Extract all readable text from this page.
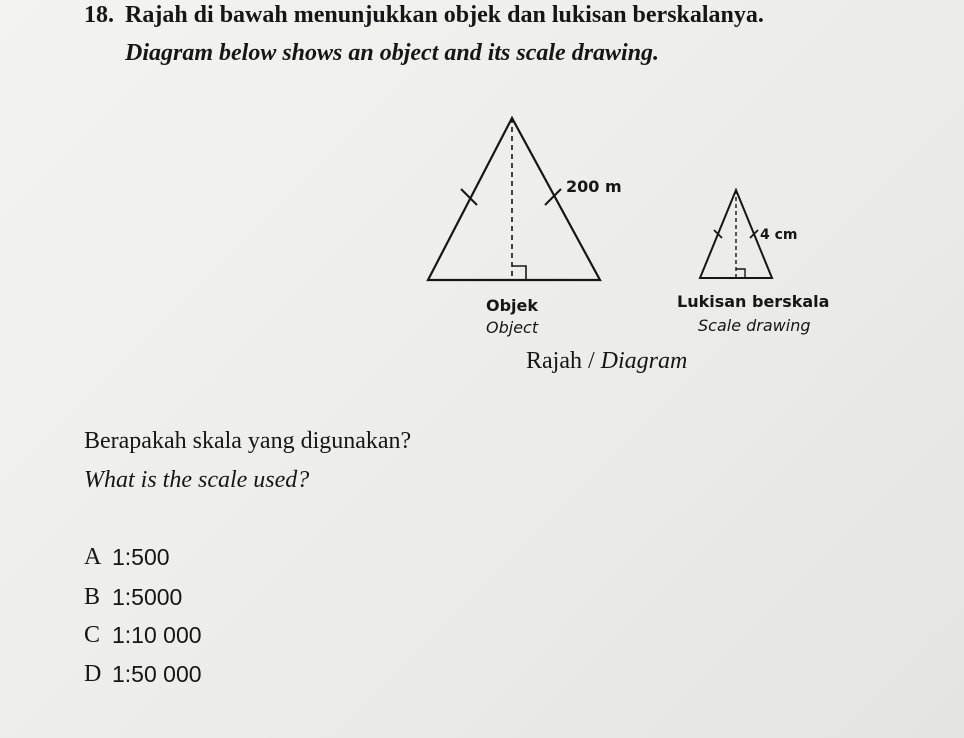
18. Rajah di bawah menunjukkan objek dan lukisan berskalanya.
Diagram below shows an object and its scale drawing.
200 m
Objek
Object
4 cm
Lukisan berskala
Scale drawing
Rajah / Diagram
Berapakah skala yang digunakan?
What is the scale used?
A 1:500
B 1:5000
C 1:10 000
D 1:50 000
